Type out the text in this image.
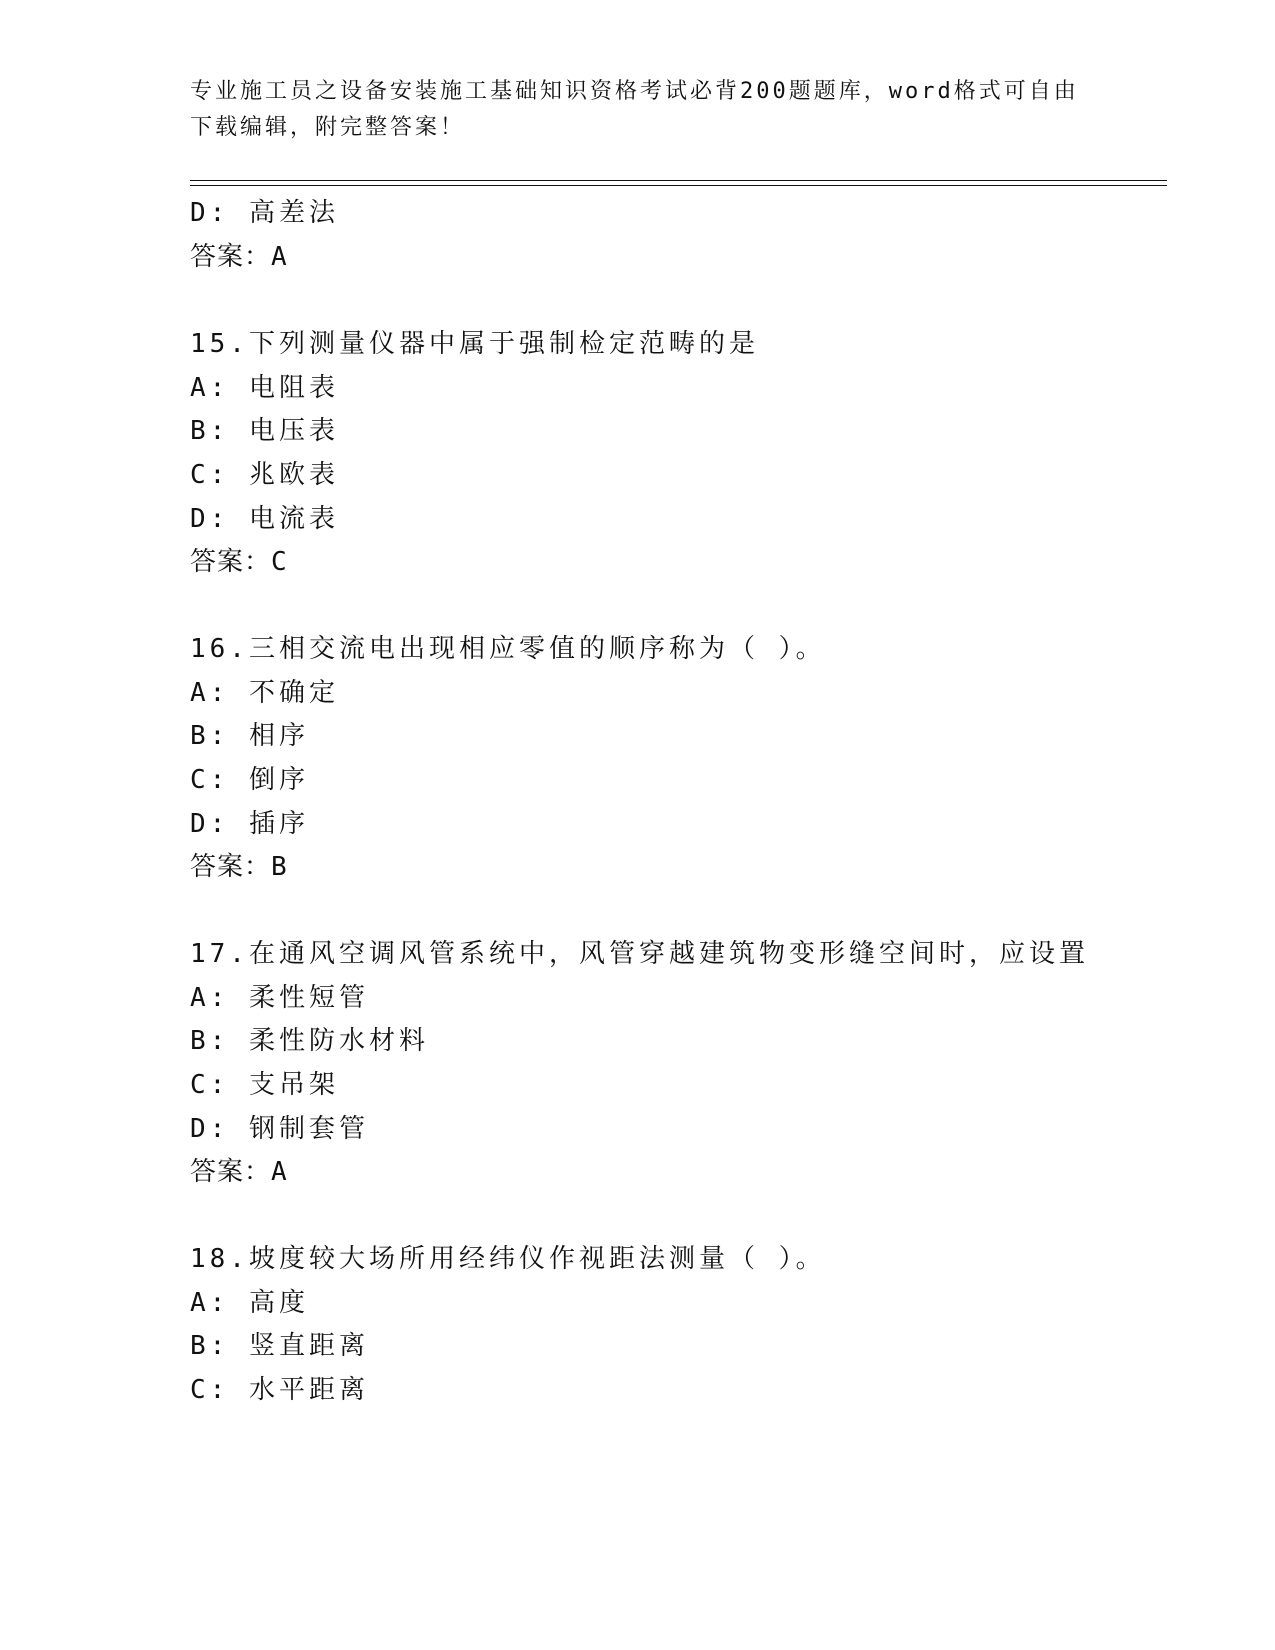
专业施工员之设备安装施工基础知识资格考试必背200题题库，word格式可自由
下载编辑，附完整答案！
D: 高差法
答案：A
15.下列测量仪器中属于强制检定范畴的是
A: 电阻表
B: 电压表
C: 兆欧表
D: 电流表
答案：C
16.三相交流电出现相应零值的顺序称为（ ）。
A: 不确定
B: 相序
C: 倒序
D: 插序
答案：B
17.在通风空调风管系统中，风管穿越建筑物变形缝空间时，应设置
A: 柔性短管
B: 柔性防水材料
C: 支吊架
D: 钢制套管
答案：A
18.坡度较大场所用经纬仪作视距法测量（ ）。
A: 高度
B: 竖直距离
C: 水平距离
